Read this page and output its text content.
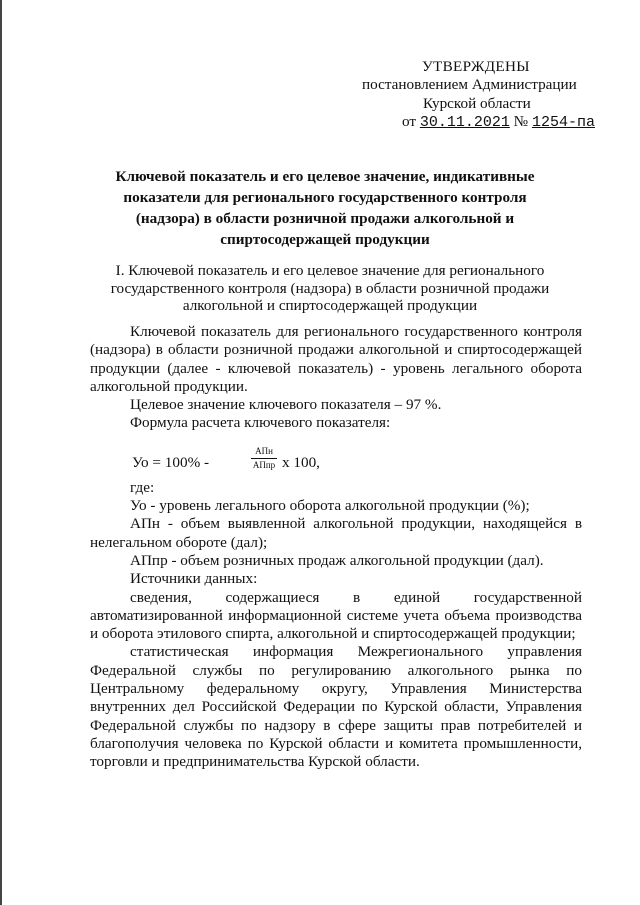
УТВЕРЖДЕНЫ
постановлением Администрации
Курской области
от 30.11.2021 № 1254-па
Ключевой показатель и его целевое значение, индикативные показатели для регионального государственного контроля (надзора) в области розничной продажи алкогольной и спиртосодержащей продукции
I. Ключевой показатель и его целевое значение для регионального государственного контроля (надзора) в области розничной продажи алкогольной и спиртосодержащей продукции
Ключевой показатель для регионального государственного контроля (надзора) в области розничной продажи алкогольной и спиртосодержащей продукции (далее - ключевой показатель) - уровень легального оборота алкогольной продукции.
Целевое значение ключевого показателя – 97 %.
Формула расчета ключевого показателя:
Уо = 100% -
АПн
АПпр х 100,
где:
Уо - уровень легального оборота алкогольной продукции (%);
АПн - объем выявленной алкогольной продукции, находящейся в нелегальном обороте (дал);
АПпр - объем розничных продаж алкогольной продукции (дал).
Источники данных:
сведения, содержащиеся в единой государственной автоматизированной информационной системе учета объема производства и оборота этилового спирта, алкогольной и спиртосодержащей продукции;
статистическая информация Межрегионального управления Федеральной службы по регулированию алкогольного рынка по Центральному федеральному округу, Управления Министерства внутренних дел Российской Федерации по Курской области, Управления Федеральной службы по надзору в сфере защиты прав потребителей и благополучия человека по Курской области и комитета промышленности, торговли и предпринимательства Курской области.
